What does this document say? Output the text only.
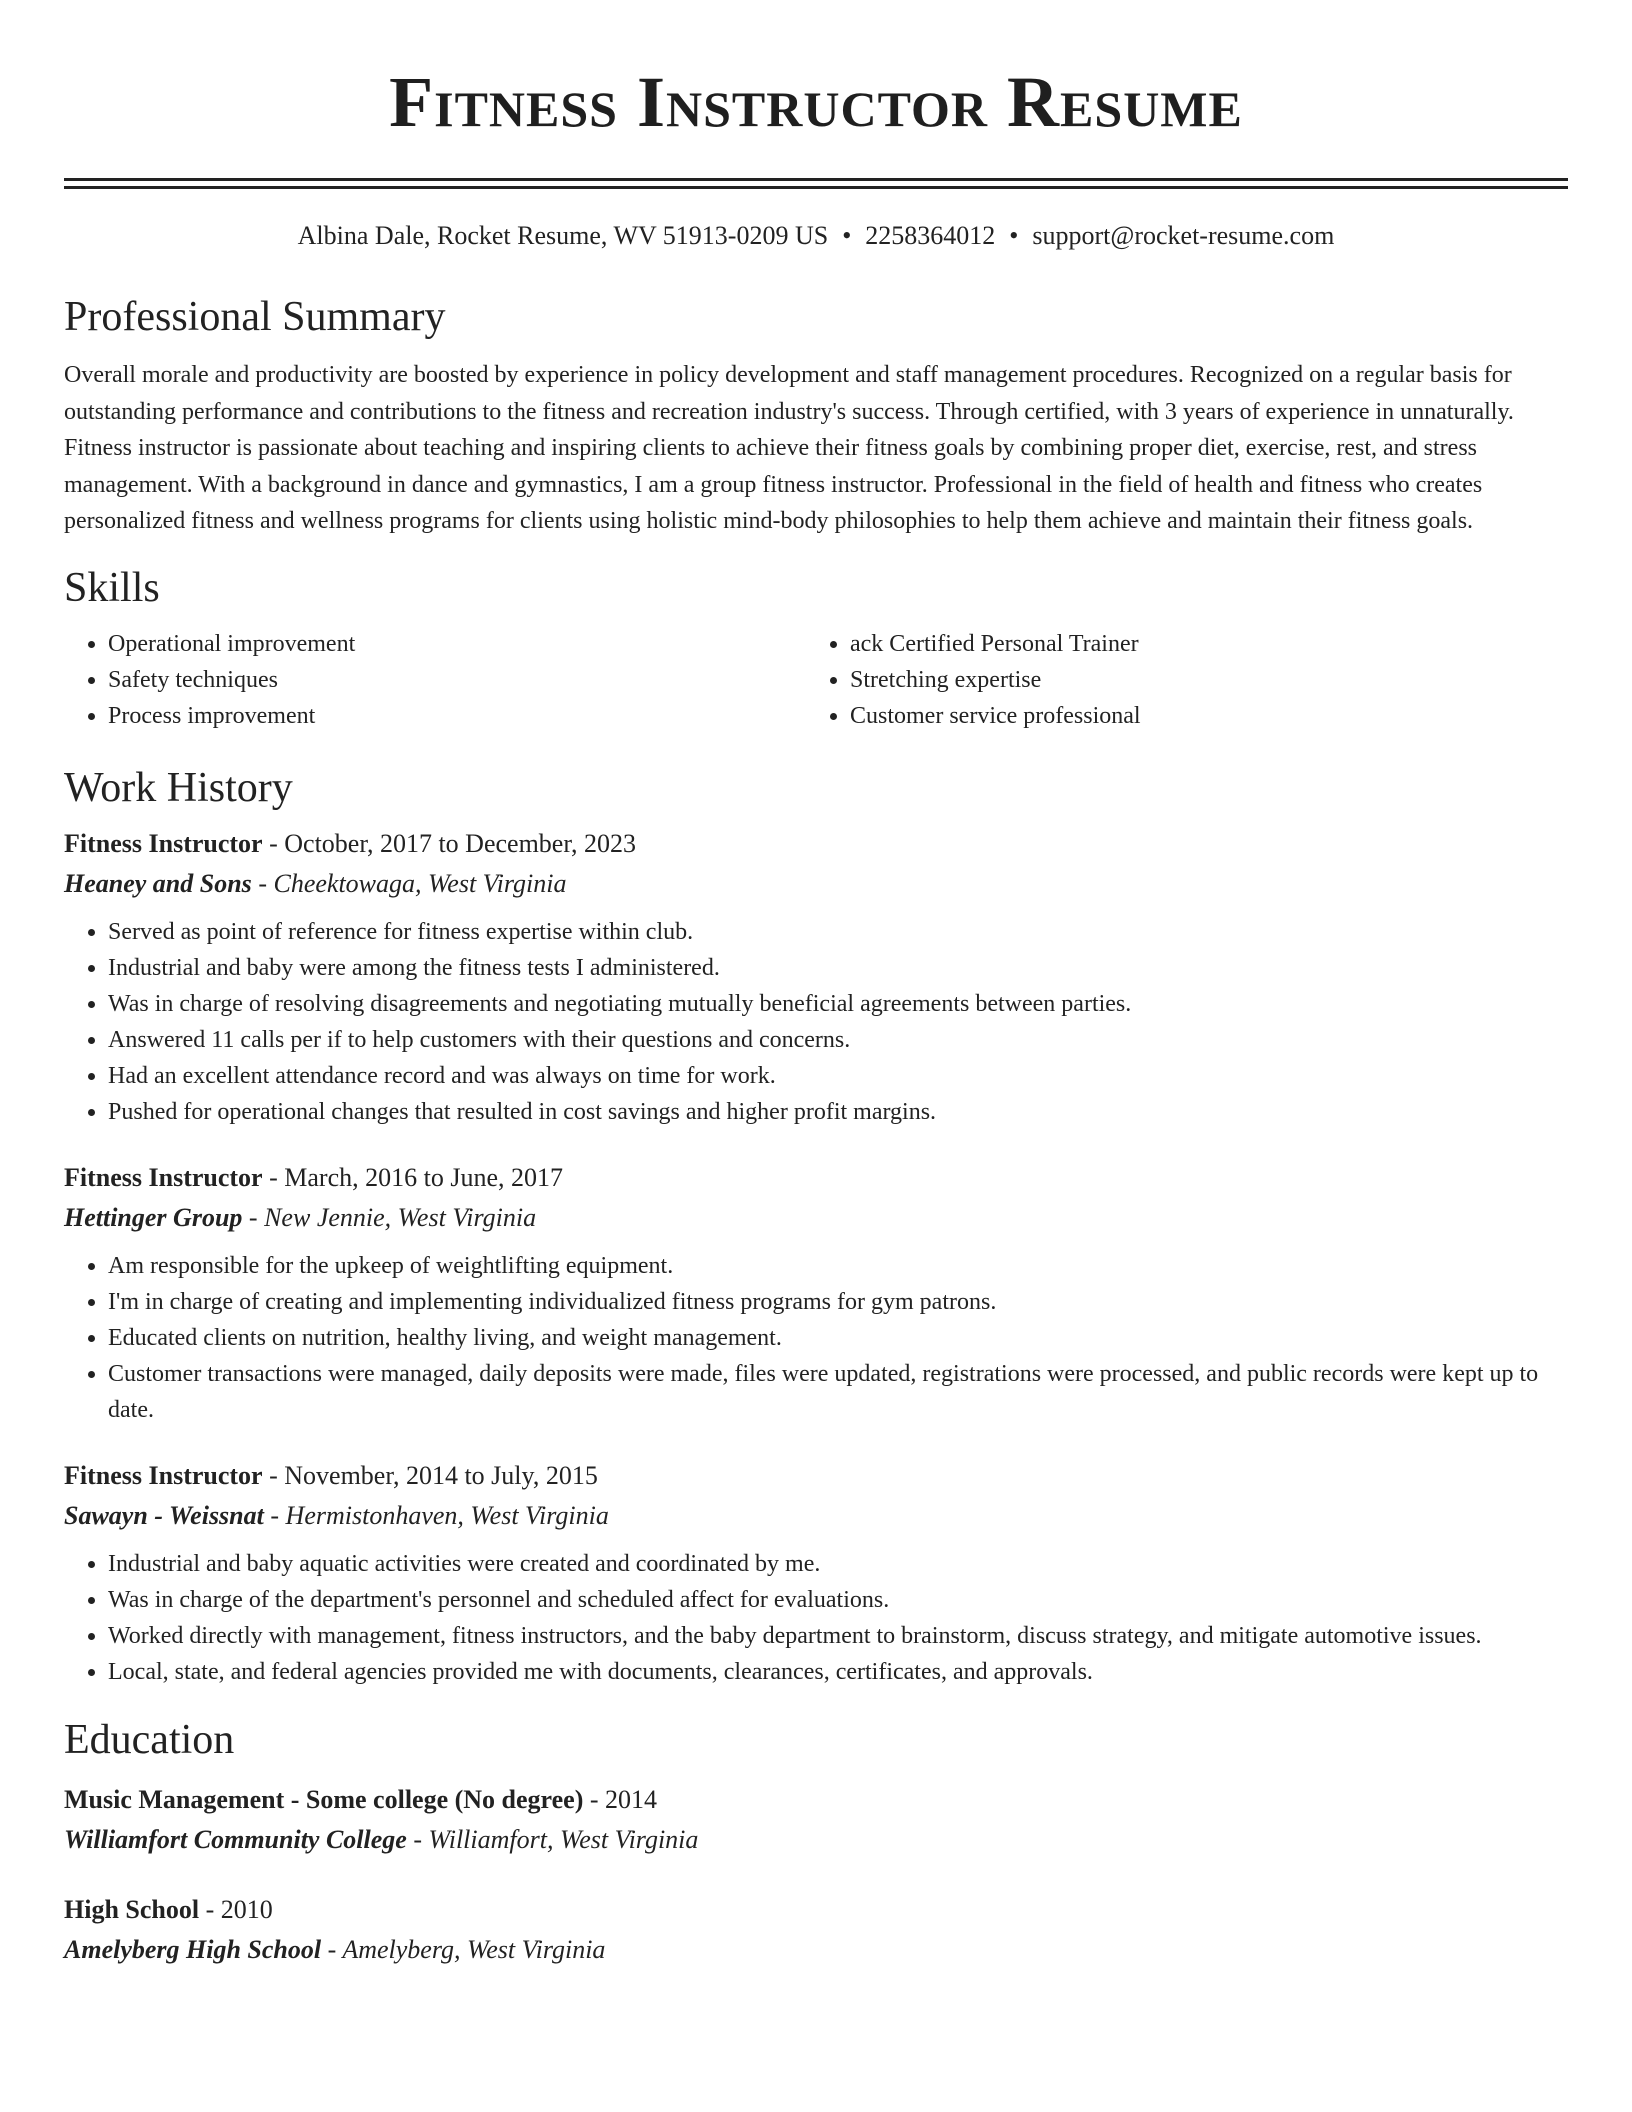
Fitness Instructor Resume
Albina Dale, Rocket Resume, WV 51913-0209 US • 2258364012 • support@rocket-resume.com
Professional Summary
Overall morale and productivity are boosted by experience in policy development and staff management procedures. Recognized on a regular basis for outstanding performance and contributions to the fitness and recreation industry's success. Through certified, with 3 years of experience in unnaturally. Fitness instructor is passionate about teaching and inspiring clients to achieve their fitness goals by combining proper diet, exercise, rest, and stress management. With a background in dance and gymnastics, I am a group fitness instructor. Professional in the field of health and fitness who creates personalized fitness and wellness programs for clients using holistic mind-body philosophies to help them achieve and maintain their fitness goals.
Skills
• Operational improvement
• Safety techniques
• Process improvement
• ack Certified Personal Trainer
• Stretching expertise
• Customer service professional
Work History
Fitness Instructor - October, 2017 to December, 2023
Heaney and Sons - Cheektowaga, West Virginia
• Served as point of reference for fitness expertise within club.
• Industrial and baby were among the fitness tests I administered.
• Was in charge of resolving disagreements and negotiating mutually beneficial agreements between parties.
• Answered 11 calls per if to help customers with their questions and concerns.
• Had an excellent attendance record and was always on time for work.
• Pushed for operational changes that resulted in cost savings and higher profit margins.
Fitness Instructor - March, 2016 to June, 2017
Hettinger Group - New Jennie, West Virginia
• Am responsible for the upkeep of weightlifting equipment.
• I'm in charge of creating and implementing individualized fitness programs for gym patrons.
• Educated clients on nutrition, healthy living, and weight management.
• Customer transactions were managed, daily deposits were made, files were updated, registrations were processed, and public records were kept up to date.
Fitness Instructor - November, 2014 to July, 2015
Sawayn - Weissnat - Hermistonhaven, West Virginia
• Industrial and baby aquatic activities were created and coordinated by me.
• Was in charge of the department's personnel and scheduled affect for evaluations.
• Worked directly with management, fitness instructors, and the baby department to brainstorm, discuss strategy, and mitigate automotive issues.
• Local, state, and federal agencies provided me with documents, clearances, certificates, and approvals.
Education
Music Management - Some college (No degree) - 2014
Williamfort Community College - Williamfort, West Virginia
High School - 2010
Amelyberg High School - Amelyberg, West Virginia
